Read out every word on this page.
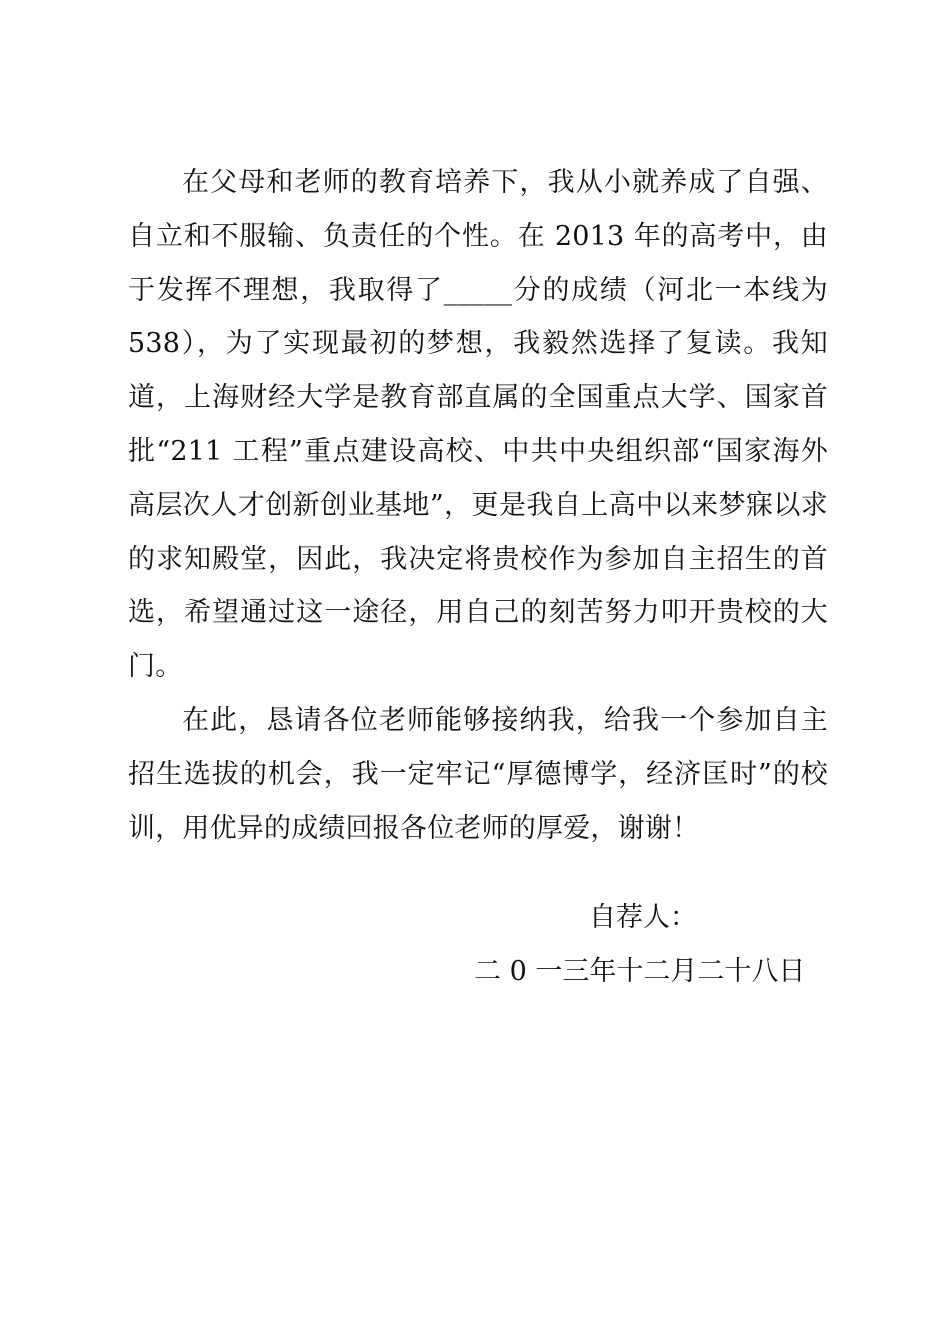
在父母和老师的教育培养下，我从小就养成了自强、自立和不服输、负责任的个性。在 2013 年的高考中，由于发挥不理想，我取得了_____分的成绩（河北一本线为 538），为了实现最初的梦想，我毅然选择了复读。我知道，上海财经大学是教育部直属的全国重点大学、国家首批“211 工程”重点建设高校、中共中央组织部“国家海外高层次人才创新创业基地”，更是我自上高中以来梦寐以求的求知殿堂，因此，我决定将贵校作为参加自主招生的首选，希望通过这一途径，用自己的刻苦努力叩开贵校的大门。

在此，恳请各位老师能够接纳我，给我一个参加自主招生选拔的机会，我一定牢记“厚德博学，经济匡时”的校训，用优异的成绩回报各位老师的厚爱，谢谢！

自荐人：
二 0 一三年十二月二十八日
